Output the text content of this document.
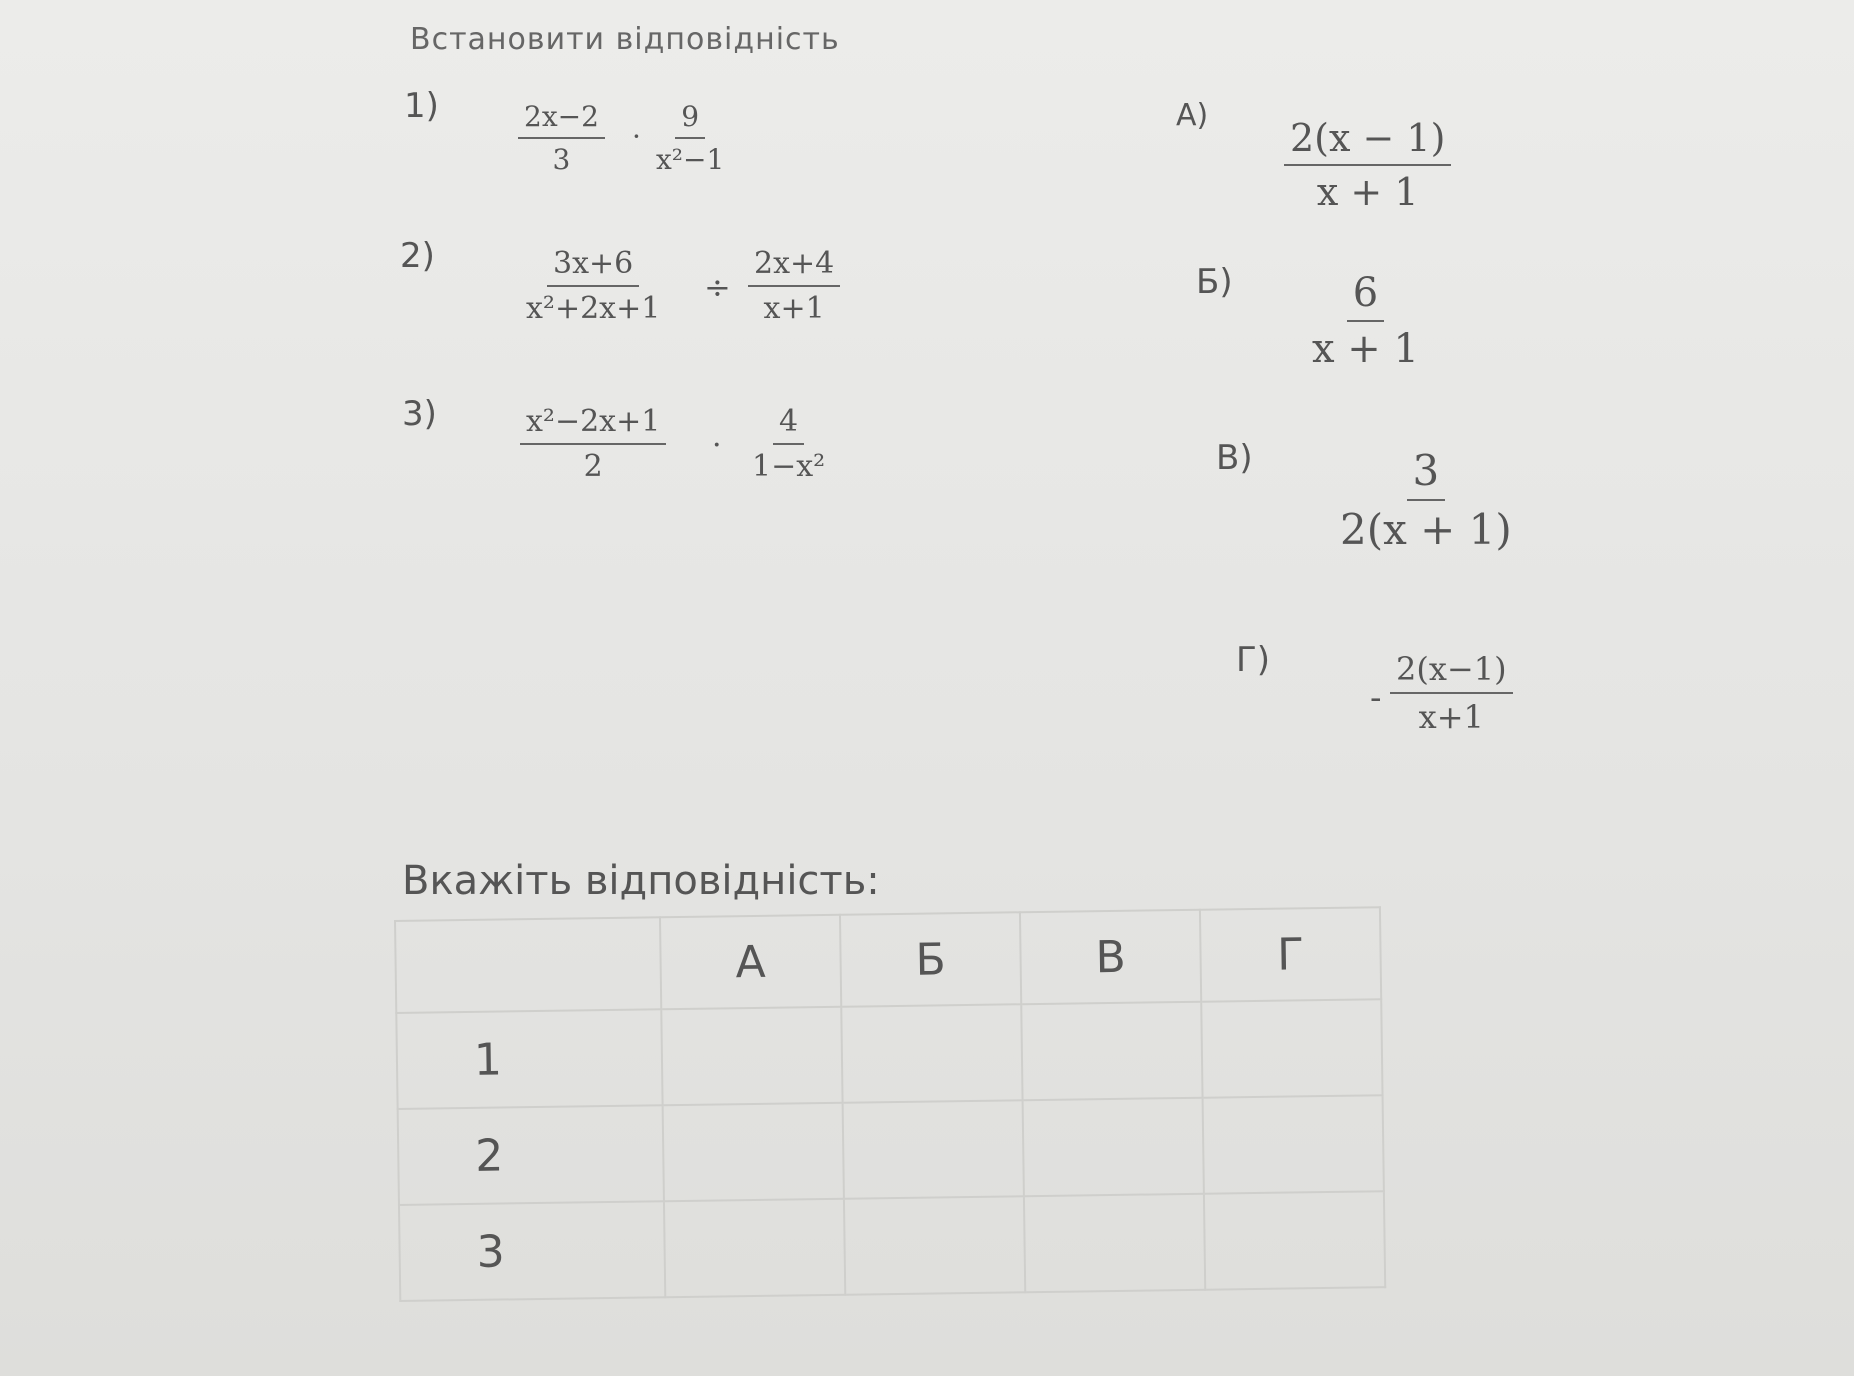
Встановити відповідність
1)	$\frac{2x-2}{3} \cdot \frac{9}{\text{x²−1}}$
2)	$\frac{3x+6}{\text{x²+2x+1}} \div \frac{2x+4}{x+1}$
3)	$\frac{\text{x²−2x+1}}{2} \cdot \frac{4}{\text{1−x²}}$
А)
$\frac{2(x - 1)}{x + 1}$
$Б) \frac{6}{x + 1}$
$В) \frac{3}{2(x + 1)}$
Г)
- $\frac{2(x-1)}{x+1}$
Вкажіть відповідність:
	А	Б	В	Г
1				
2				
3				
